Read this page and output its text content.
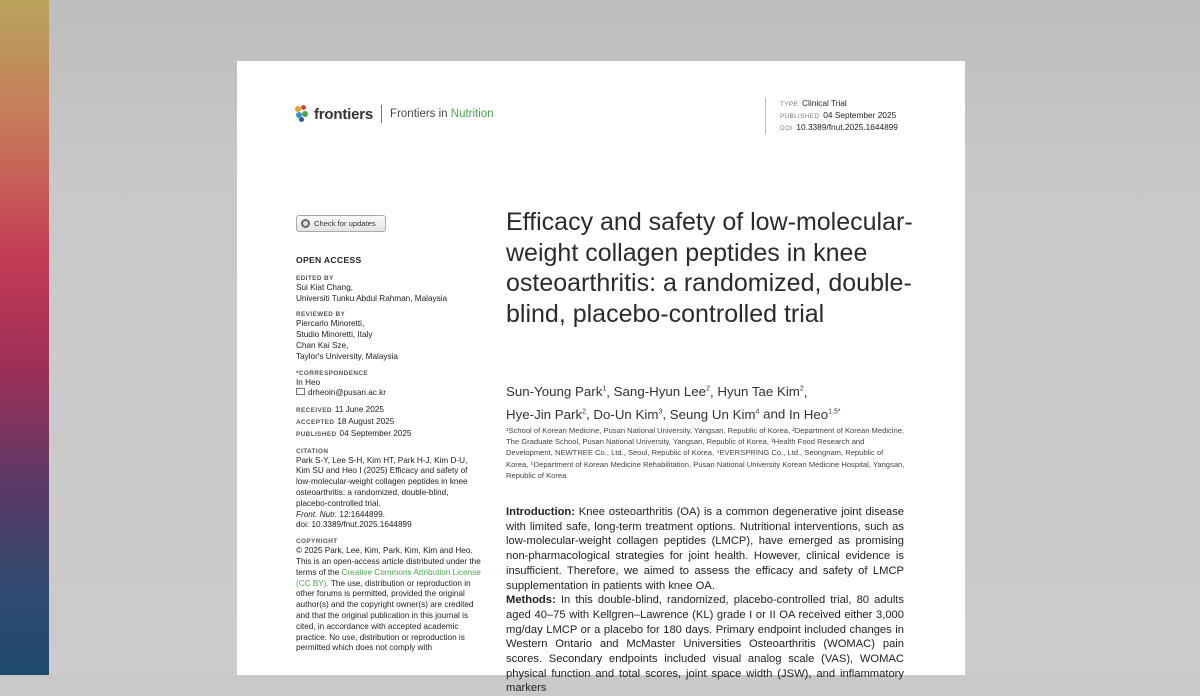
frontiers Frontiers in Nutrition
TYPE Clinical Trial
PUBLISHED 04 September 2025
DOI 10.3389/fnut.2025.1644899
Check for updates
OPEN ACCESS
EDITED BY
Sui Kiat Chang,
Universiti Tunku Abdul Rahman, Malaysia
REVIEWED BY
Piercarlo Minoretti,
Studio Minoretti, Italy
Chan Kai Sze,
Taylor's University, Malaysia
*CORRESPONDENCE
In Heo
drheoin@pusan.ac.kr
RECEIVED 11 June 2025
ACCEPTED 18 August 2025
PUBLISHED 04 September 2025
CITATION
Park S-Y, Lee S-H, Kim HT, Park H-J, Kim D-U, Kim SU and Heo I (2025) Efficacy and safety of low-molecular-weight collagen peptides in knee osteoarthritis: a randomized, double-blind, placebo-controlled trial.
Front. Nutr. 12:1644899.
doi: 10.3389/fnut.2025.1644899
COPYRIGHT
© 2025 Park, Lee, Kim, Park, Kim, Kim and Heo. This is an open-access article distributed under the terms of the Creative Commons Attribution License (CC BY). The use, distribution or reproduction in other forums is permitted, provided the original author(s) and the copyright owner(s) are credited and that the original publication in this journal is cited, in accordance with accepted academic practice. No use, distribution or reproduction is permitted which does not comply with
Efficacy and safety of low-molecular-weight collagen peptides in knee osteoarthritis: a randomized, double-blind, placebo-controlled trial
Sun-Young Park$^1$, Sang-Hyun Lee$^2$, Hyun Tae Kim$^2$,
Hye-Jin Park$^2$, Do-Un Kim$^3$, Seung Un Kim$^4$ and In Heo$^{1,5*}$
¹School of Korean Medicine, Pusan National University, Yangsan, Republic of Korea, ²Department of Korean Medicine, The Graduate School, Pusan National University, Yangsan, Republic of Korea, ³Health Food Research and Development, NEWTREE Co., Ltd., Seoul, Republic of Korea, ⁴EVERSPRING Co., Ltd., Seongnam, Republic of Korea, ⁵Department of Korean Medicine Rehabilitation, Pusan National University Korean Medicine Hospital, Yangsan, Republic of Korea
Introduction: Knee osteoarthritis (OA) is a common degenerative joint disease with limited safe, long-term treatment options. Nutritional interventions, such as low-molecular-weight collagen peptides (LMCP), have emerged as promising non-pharmacological strategies for joint health. However, clinical evidence is insufficient. Therefore, we aimed to assess the efficacy and safety of LMCP supplementation in patients with knee OA.
Methods: In this double-blind, randomized, placebo-controlled trial, 80 adults aged 40–75 with Kellgren–Lawrence (KL) grade I or II OA received either 3,000 mg/day LMCP or a placebo for 180 days. Primary endpoint included changes in Western Ontario and McMaster Universities Osteoarthritis (WOMAC) pain scores. Secondary endpoints included visual analog scale (VAS), WOMAC physical function and total scores, joint space width (JSW), and inflammatory markers
